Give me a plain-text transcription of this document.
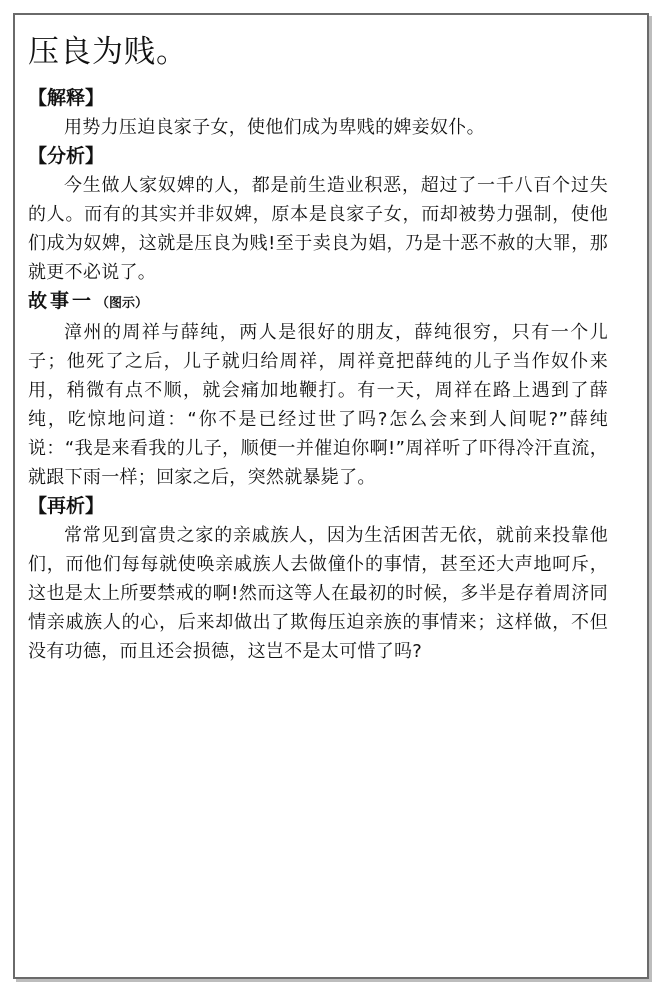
压良为贱。

【解释】

用势力压迫良家子女，使他们成为卑贱的婢妾奴仆。

【分析】

今生做人家奴婢的人，都是前生造业积恶，超过了一千八百个过失的人。而有的其实并非奴婢，原本是良家子女，而却被势力强制，使他们成为奴婢，这就是压良为贱!至于卖良为娼，乃是十恶不赦的大罪，那就更不必说了。

故事一 （图示）

漳州的周祥与薛纯，两人是很好的朋友，薛纯很穷，只有一个儿子；他死了之后，儿子就归给周祥，周祥竟把薛纯的儿子当作奴仆来用，稍微有点不顺，就会痛加地鞭打。有一天，周祥在路上遇到了薛纯，吃惊地问道：“你不是已经过世了吗?怎么会来到人间呢?”薛纯说：“我是来看我的儿子，顺便一并催迫你啊!”周祥听了吓得冷汗直流，就跟下雨一样；回家之后，突然就暴毙了。

【再析】

常常见到富贵之家的亲戚族人，因为生活困苦无依，就前来投靠他们，而他们每每就使唤亲戚族人去做僮仆的事情，甚至还大声地呵斥，这也是太上所要禁戒的啊!然而这等人在最初的时候，多半是存着周济同情亲戚族人的心，后来却做出了欺侮压迫亲族的事情来；这样做，不但没有功德，而且还会损德，这岂不是太可惜了吗?
